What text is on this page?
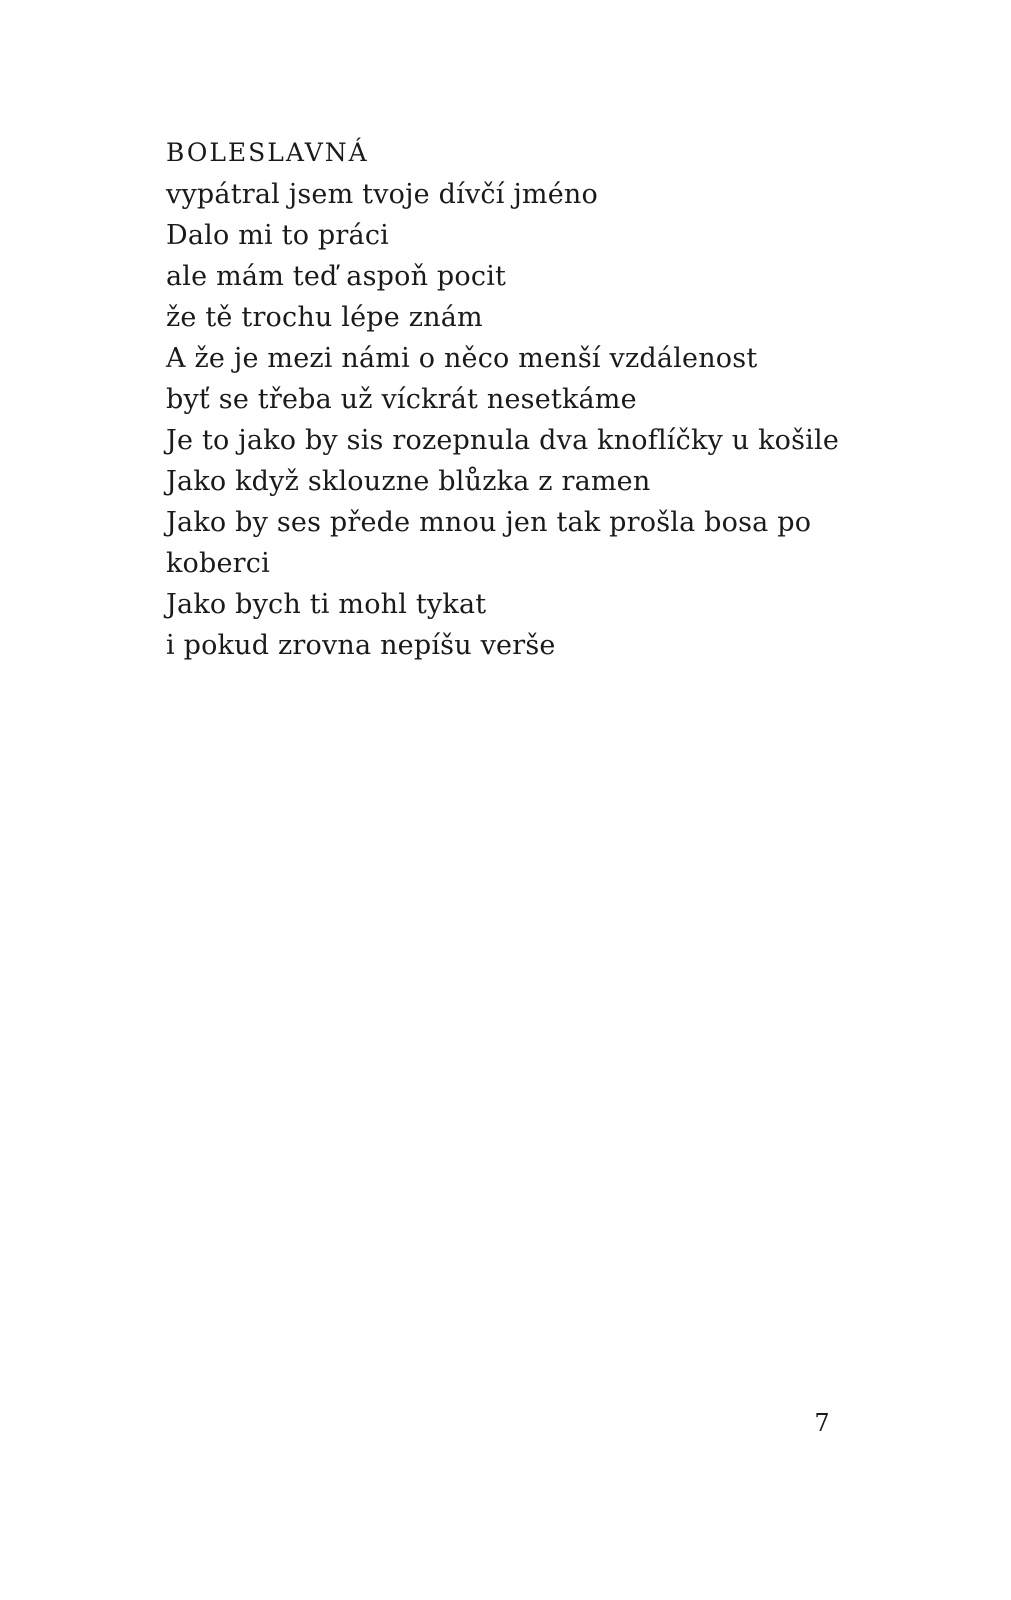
BOLESLAVNÁ
vypátral jsem tvoje dívčí jméno
Dalo mi to práci
ale mám teď aspoň pocit
že tě trochu lépe znám
A že je mezi námi o něco menší vzdálenost
byť se třeba už víckrát nesetkáme
Je to jako by sis rozepnula dva knoflíčky u košile
Jako když sklouzne blůzka z ramen
Jako by ses přede mnou jen tak prošla bosa po
koberci
Jako bych ti mohl tykat
i pokud zrovna nepíšu verše
7
